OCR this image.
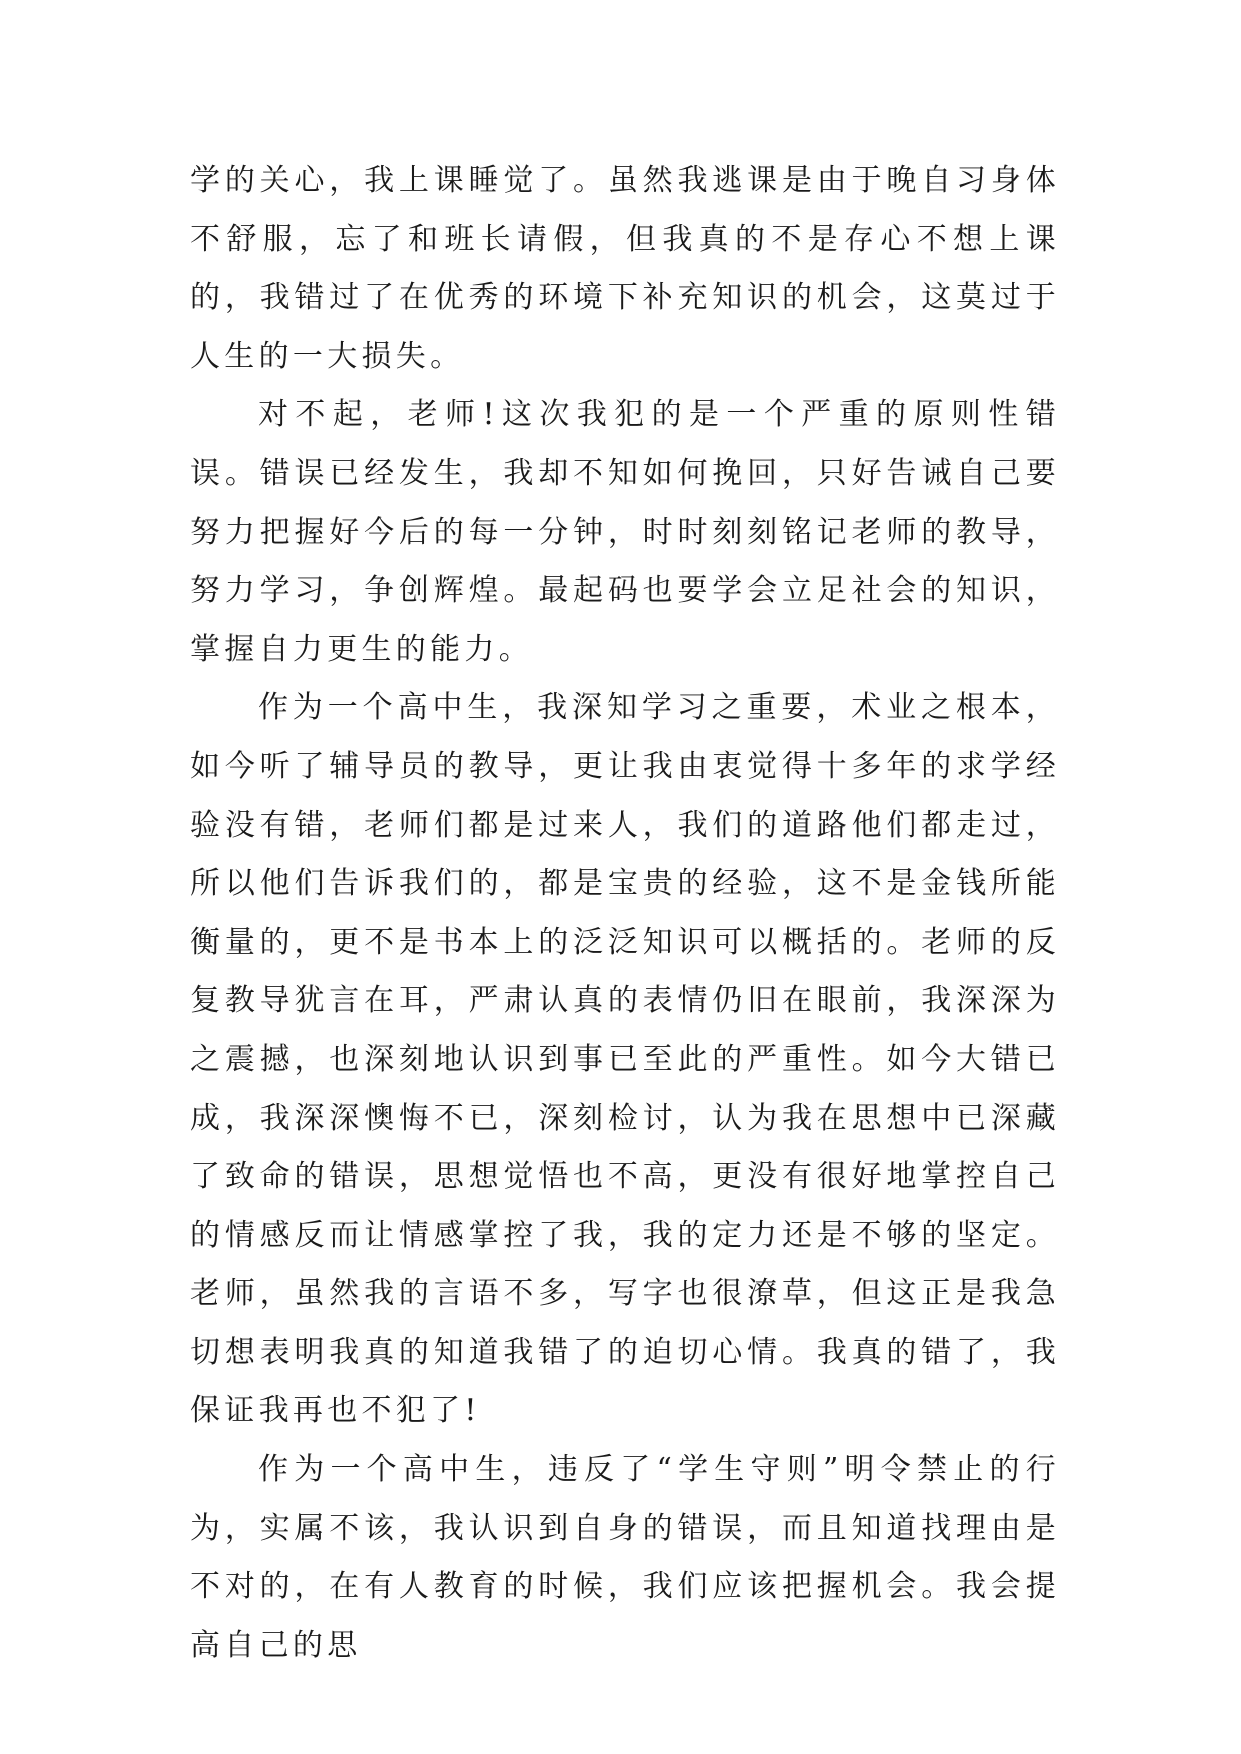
学的关心，我上课睡觉了。虽然我逃课是由于晚自习身体不舒服，忘了和班长请假，但我真的不是存心不想上课的，我错过了在优秀的环境下补充知识的机会，这莫过于人生的一大损失。

对不起，老师!这次我犯的是一个严重的原则性错误。错误已经发生，我却不知如何挽回，只好告诫自己要努力把握好今后的每一分钟，时时刻刻铭记老师的教导，努力学习，争创辉煌。最起码也要学会立足社会的知识，掌握自力更生的能力。

作为一个高中生，我深知学习之重要，术业之根本，如今听了辅导员的教导，更让我由衷觉得十多年的求学经验没有错，老师们都是过来人，我们的道路他们都走过，所以他们告诉我们的，都是宝贵的经验，这不是金钱所能衡量的，更不是书本上的泛泛知识可以概括的。老师的反复教导犹言在耳，严肃认真的表情仍旧在眼前，我深深为之震撼，也深刻地认识到事已至此的严重性。如今大错已成，我深深懊悔不已，深刻检讨，认为我在思想中已深藏了致命的错误，思想觉悟也不高，更没有很好地掌控自己的情感反而让情感掌控了我，我的定力还是不够的坚定。老师，虽然我的言语不多，写字也很潦草，但这正是我急切想表明我真的知道我错了的迫切心情。我真的错了，我保证我再也不犯了!

作为一个高中生，违反了“学生守则”明令禁止的行为，实属不该，我认识到自身的错误，而且知道找理由是不对的，在有人教育的时候，我们应该把握机会。我会提高自己的思
